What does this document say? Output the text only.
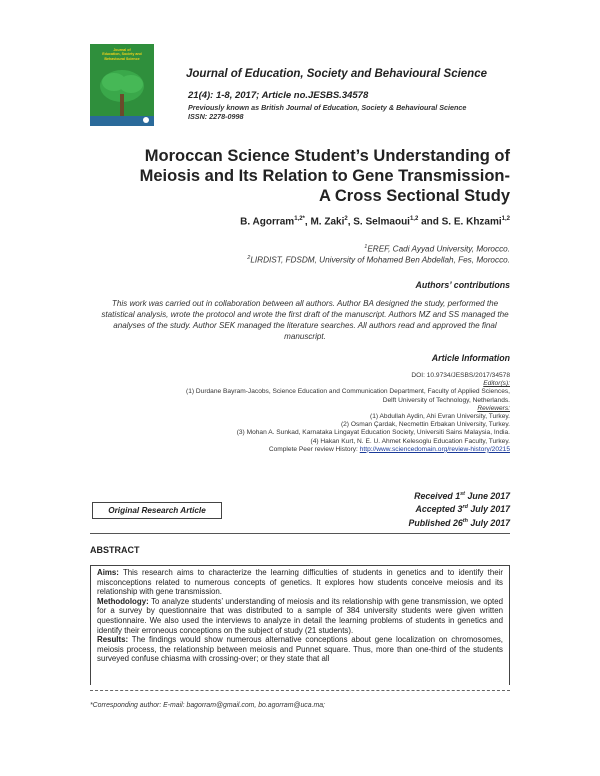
Journal of
Education, Society and
Behavioural Science
Journal of Education, Society and Behavioural Science
21(4): 1-8, 2017; Article no.JESBS.34578
Previously known as British Journal of Education, Society & Behavioural Science
ISSN: 2278-0998
Moroccan Science Student’s Understanding of
Meiosis and Its Relation to Gene Transmission-
A Cross Sectional Study
B. Agorram$^{1,2*}$, M. Zaki$^2$, S. Selmaoui$^{1,2}$ and S. E. Khzami$^{1,2}$
$^1$EREF, Cadi Ayyad University, Morocco.
$^2$LIRDIST, FDSDM, University of Mohamed Ben Abdellah, Fes, Morocco.
Authors’ contributions
This work was carried out in collaboration between all authors. Author BA designed the study, performed the statistical analysis, wrote the protocol and wrote the first draft of the manuscript. Authors MZ and SS managed the analyses of the study. Author SEK managed the literature searches. All authors read and approved the final manuscript.
Article Information
DOI: 10.9734/JESBS/2017/34578
Editor(s):
(1) Durdane Bayram-Jacobs, Science Education and Communication Department, Faculty of Applied Sciences,
Delft University of Technology, Netherlands.
Reviewers:
(1) Abdullah Aydin, Ahi Evran University, Turkey.
(2) Osman Çardak, Necmettin Erbakan University, Turkey.
(3) Mohan A. Sunkad, Karnataka Lingayat Education Society, Universiti Sains Malaysia, India.
(4) Hakan Kurt, N. E. U. Ahmet Kelesoglu Education Faculty, Turkey.
Complete Peer review History: http://www.sciencedomain.org/review-history/20215
Original Research Article
Received 1st June 2017
Accepted 3rd July 2017
Published 26th July 2017
ABSTRACT

Aims: This research aims to characterize the learning difficulties of students in genetics and to identify their misconceptions related to numerous concepts of genetics. It explores how students conceive meiosis and its relationship with gene transmission.

Methodology: To analyze students’ understanding of meiosis and its relationship with gene transmission, we opted for a survey by questionnaire that was distributed to a sample of 384 university students were given written questionnaire. We also used the interviews to analyze in detail the learning problems of students in genetics and identify their erroneous conceptions on the subject of study (21 students).

Results: The findings would show numerous alternative conceptions about gene localization on chromosomes, meiosis process, the relationship between meiosis and Punnet square. Thus, more than one-third of the students surveyed confuse chiasma with crossing-over; or they state that all

*Corresponding author: E-mail: bagorram@gmail.com, bo.agorram@uca.ma;
